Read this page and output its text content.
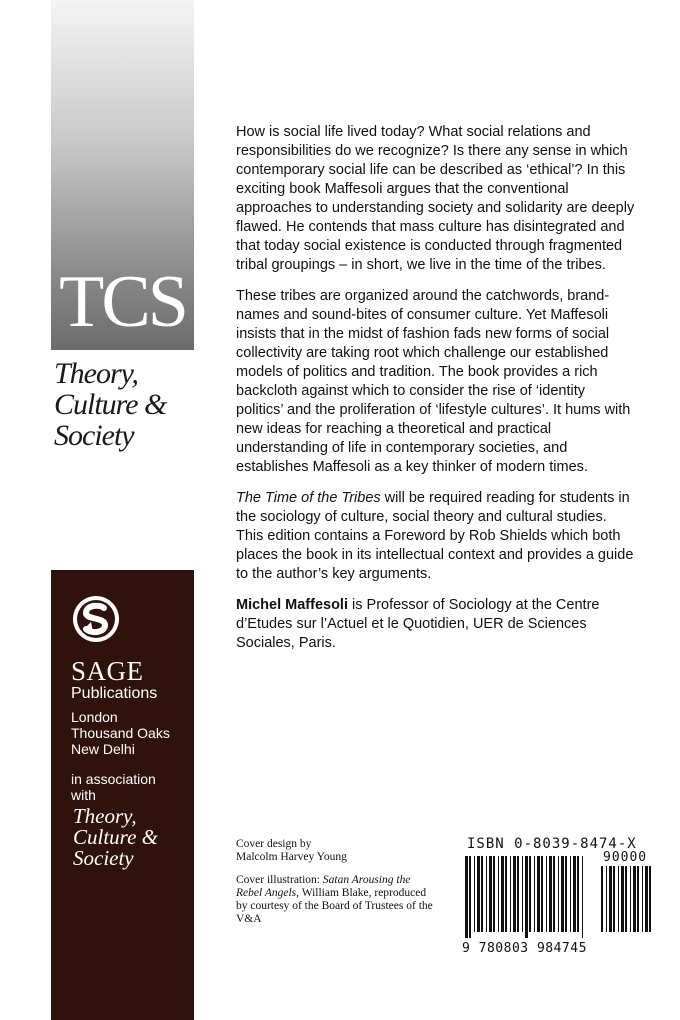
TCS
Theory,
Culture &
Society
SAGE
Publications
London
Thousand Oaks
New Delhi
in association
with
Theory,
Culture &
Society

How is social life lived today? What social relations and responsibilities do we recognize? Is there any sense in which contemporary social life can be described as ‘ethical’? In this exciting book Maffesoli argues that the conventional approaches to understanding society and solidarity are deeply flawed. He contends that mass culture has disintegrated and that today social existence is conducted through fragmented tribal groupings – in short, we live in the time of the tribes.

These tribes are organized around the catchwords, brand-names and sound-bites of consumer culture. Yet Maffesoli insists that in the midst of fashion fads new forms of social collectivity are taking root which challenge our established models of politics and tradition. The book provides a rich backcloth against which to consider the rise of ‘identity politics’ and the proliferation of ‘lifestyle cultures’. It hums with new ideas for reaching a theoretical and practical understanding of life in contemporary societies, and establishes Maffesoli as a key thinker of modern times.

The Time of the Tribes will be required reading for students in the sociology of culture, social theory and cultural studies. This edition contains a Foreword by Rob Shields which both places the book in its intellectual context and provides a guide to the author’s key arguments.

Michel Maffesoli is Professor of Sociology at the Centre d’Etudes sur l’Actuel et le Quotidien, UER de Sciences Sociales, Paris.

Cover design by
Malcolm Harvey Young

Cover illustration: Satan Arousing the Rebel Angels, William Blake, reproduced by courtesy of the Board of Trustees of the V&A

ISBN 0-8039-8474-X
9 780803 984745
90000
